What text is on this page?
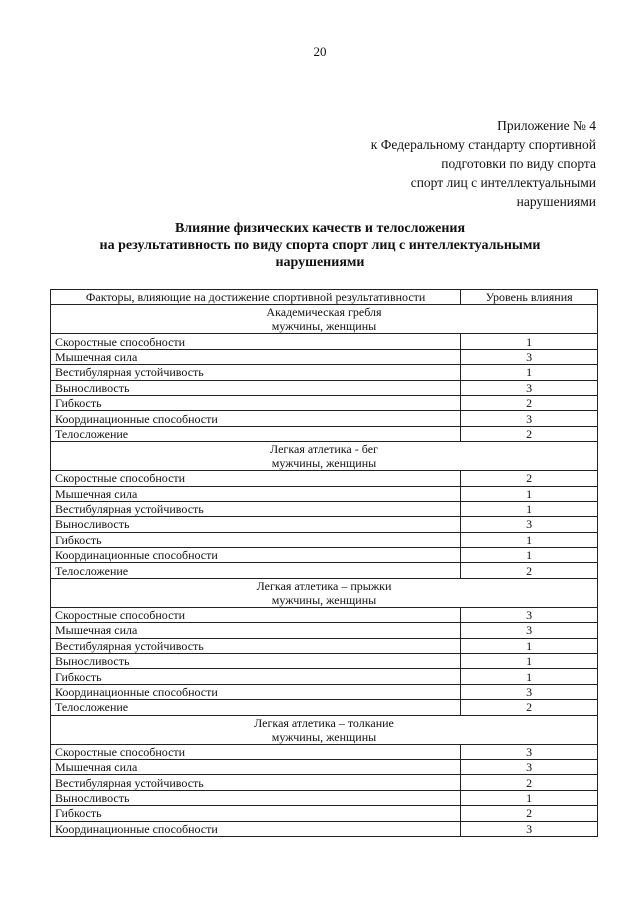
20
Приложение № 4
к Федеральному стандарту спортивной
подготовки по виду спорта
спорт лиц с интеллектуальными
нарушениями
Влияние физических качеств и телосложения
на результативность по виду спорта спорт лиц с интеллектуальными
нарушениями
Факторы, влияющие на достижение спортивной результативности	Уровень влияния

Академическая гребля
мужчины, женщины	

Скоростные способности	1
Мышечная сила	3
Вестибулярная устойчивость	1
Выносливость	3
Гибкость	2
Координационные способности	3
Телосложение	2

Легкая атлетика - бег
мужчины, женщины	

Скоростные способности	2
Мышечная сила	1
Вестибулярная устойчивость	1
Выносливость	3
Гибкость	1
Координационные способности	1
Телосложение	2

Легкая атлетика – прыжки
мужчины, женщины	

Скоростные способности	3
Мышечная сила	3
Вестибулярная устойчивость	1
Выносливость	1
Гибкость	1
Координационные способности	3
Телосложение	2

Легкая атлетика – толкание
мужчины, женщины	

Скоростные способности	3
Мышечная сила	3
Вестибулярная устойчивость	2
Выносливость	1
Гибкость	2
Координационные способности	3
